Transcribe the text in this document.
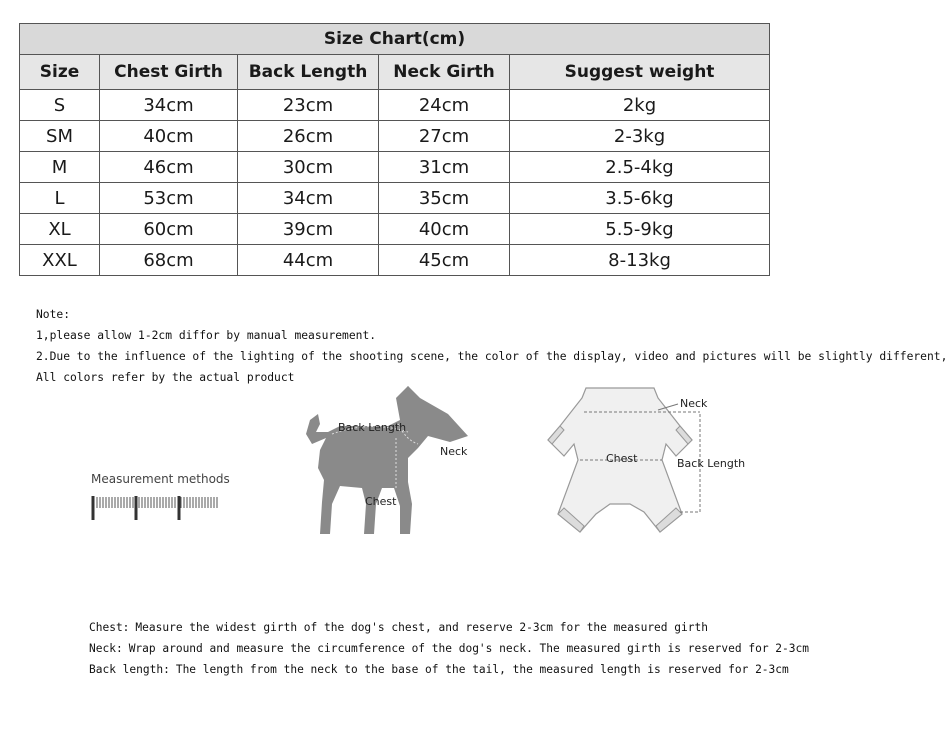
Size Chart(cm)				
Size	Chest Girth	Back Length	Neck Girth	Suggest weight
S	34cm	23cm	24cm	2kg
SM	40cm	26cm	27cm	2-3kg
M	46cm	30cm	31cm	2.5-4kg
L	53cm	34cm	35cm	3.5-6kg
XL	60cm	39cm	40cm	5.5-9kg
XXL	68cm	44cm	45cm	8-13kg
Note:
1,please allow 1-2cm diffor by manual measurement.
2.Due to the influence of the lighting of the shooting scene, the color of the display, video and pictures will be slightly different,
All colors refer by the actual product
Measurement methods
Back Length
Neck
Chest
Neck
Chest	Back Length
Chest: Measure the widest girth of the dog's chest, and reserve 2-3cm for the measured girth
Neck: Wrap around and measure the circumference of the dog's neck. The measured girth is reserved for 2-3cm
Back length: The length from the neck to the base of the tail, the measured length is reserved for 2-3cm
